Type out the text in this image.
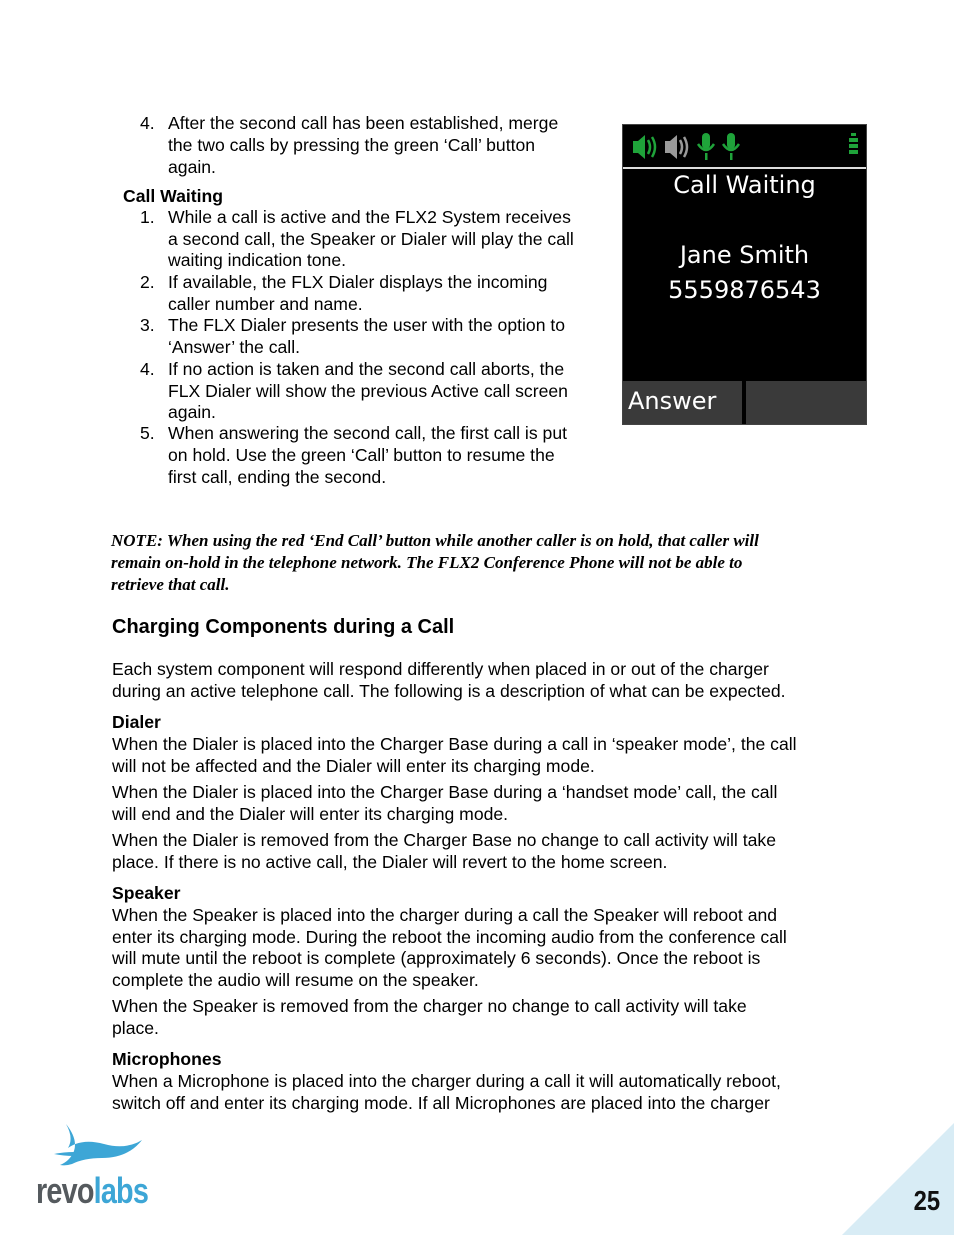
4. After the second call has been established, merge
the two calls by pressing the green ‘Call’ button
again.
Call Waiting
1. While a call is active and the FLX2 System receives
a second call, the Speaker or Dialer will play the call
waiting indication tone.
2. If available, the FLX Dialer displays the incoming
caller number and name.
3. The FLX Dialer presents the user with the option to
‘Answer’ the call.
4. If no action is taken and the second call aborts, the
FLX Dialer will show the previous Active call screen
again.
5. When answering the second call, the first call is put
on hold. Use the green ‘Call’ button to resume the
first call, ending the second.
Call Waiting
Jane Smith
5559876543
Answer
NOTE: When using the red ‘End Call’ button while another caller is on hold, that caller will
remain on-hold in the telephone network. The FLX2 Conference Phone will not be able to
retrieve that call.
Charging Components during a Call
Each system component will respond differently when placed in or out of the charger
during an active telephone call. The following is a description of what can be expected.
Dialer
When the Dialer is placed into the Charger Base during a call in ‘speaker mode’, the call
will not be affected and the Dialer will enter its charging mode.
When the Dialer is placed into the Charger Base during a ‘handset mode’ call, the call
will end and the Dialer will enter its charging mode.
When the Dialer is removed from the Charger Base no change to call activity will take
place. If there is no active call, the Dialer will revert to the home screen.
Speaker
When the Speaker is placed into the charger during a call the Speaker will reboot and
enter its charging mode. During the reboot the incoming audio from the conference call
will mute until the reboot is complete (approximately 6 seconds). Once the reboot is
complete the audio will resume on the speaker.
When the Speaker is removed from the charger no change to call activity will take
place.
Microphones
When a Microphone is placed into the charger during a call it will automatically reboot,
switch off and enter its charging mode. If all Microphones are placed into the charger
revolabs	25
